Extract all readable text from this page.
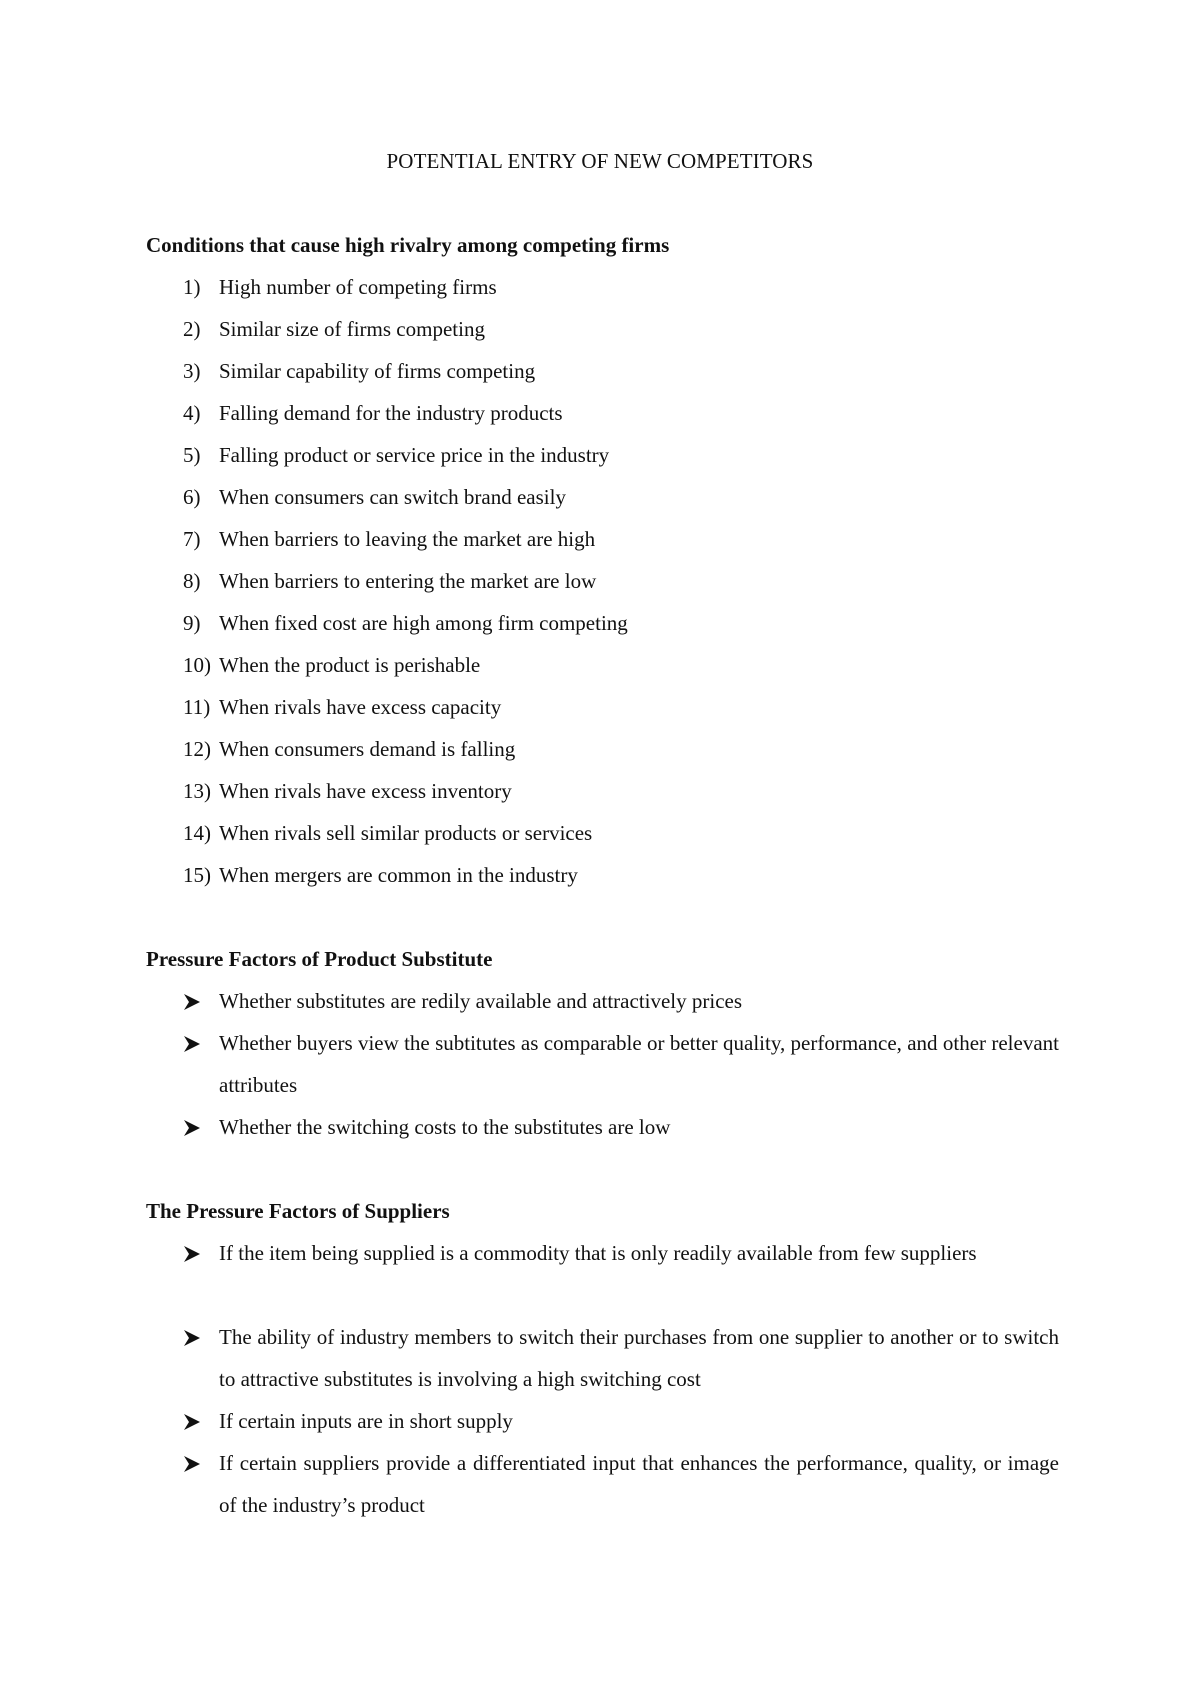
POTENTIAL ENTRY OF NEW COMPETITORS
Conditions that cause high rivalry among competing firms
1) High number of competing firms
2) Similar size of firms competing
3) Similar capability of firms competing
4) Falling demand for the industry products
5) Falling product or service price in the industry
6) When consumers can switch brand easily
7) When barriers to leaving the market are high
8) When barriers to entering the market are low
9) When fixed cost are high among firm competing
10) When the product is perishable
11) When rivals have excess capacity
12) When consumers demand is falling
13) When rivals have excess inventory
14) When rivals sell similar products or services
15) When mergers are common in the industry
Pressure Factors of Product Substitute
Whether substitutes are redily available and attractively prices
Whether buyers view the subtitutes as comparable or better quality, performance, and other relevant attributes
Whether the switching costs to the substitutes are low
The Pressure Factors of Suppliers
If the item being supplied is a commodity that is only readily available from few suppliers
The ability of industry members to switch their purchases from one supplier to another or to switch to attractive substitutes is involving a high switching cost
If certain inputs are in short supply
If certain suppliers provide a differentiated input that enhances the performance, quality, or image of the industry’s product
